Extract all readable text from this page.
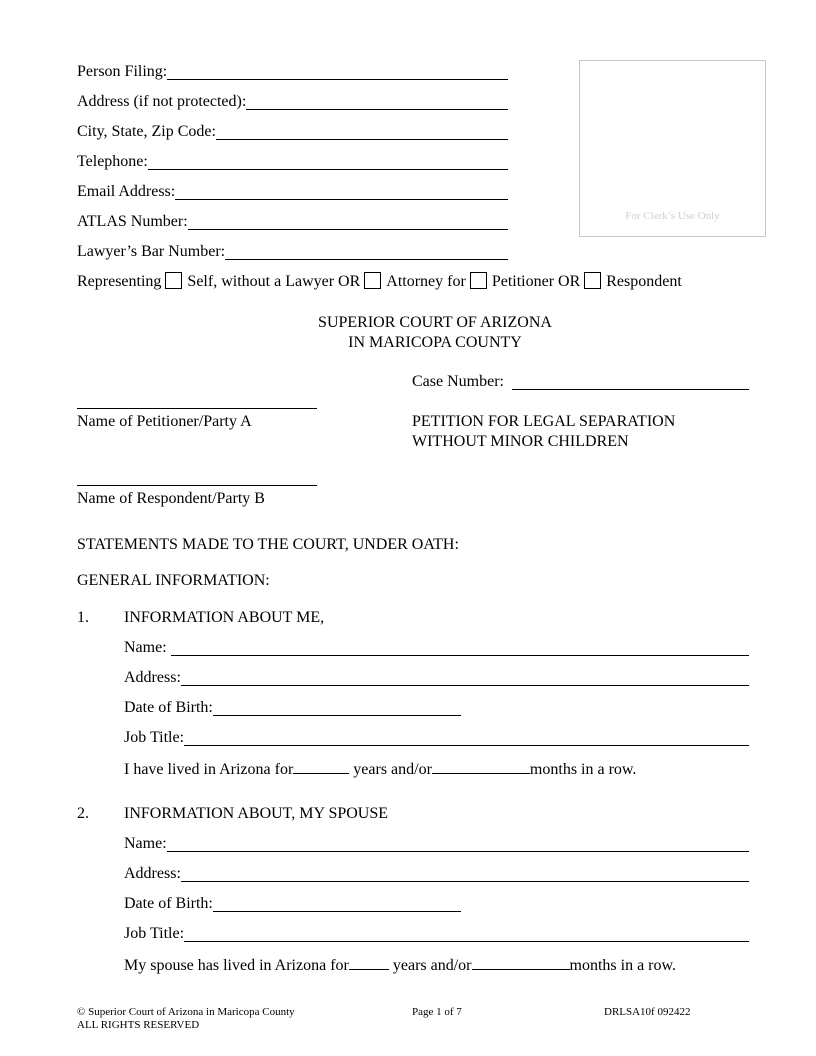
Person Filing:
Address (if not protected):
City, State, Zip Code:
Telephone:
Email Address:
ATLAS Number:
Lawyer’s Bar Number:
Representing Self, without a Lawyer OR Attorney for Petitioner OR Respondent
For Clerk’s Use Only
SUPERIOR COURT OF ARIZONA
IN MARICOPA COUNTY
Case Number:
Name of Petitioner/Party A	PETITION FOR LEGAL SEPARATION
WITHOUT MINOR CHILDREN
Name of Respondent/Party B
STATEMENTS MADE TO THE COURT, UNDER OATH:
GENERAL INFORMATION:
1. INFORMATION ABOUT ME,
Name:
Address:
Date of Birth:
Job Title:
I have lived in Arizona for	years and/or	months in a row.
2. INFORMATION ABOUT, MY SPOUSE
Name:
Address:
Date of Birth:
Job Title:
My spouse has lived in Arizona for	years and/or	months in a row.
© Superior Court of Arizona in Maricopa County
ALL RIGHTS RESERVED
Page 1 of 7	DRLSA10f 092422
